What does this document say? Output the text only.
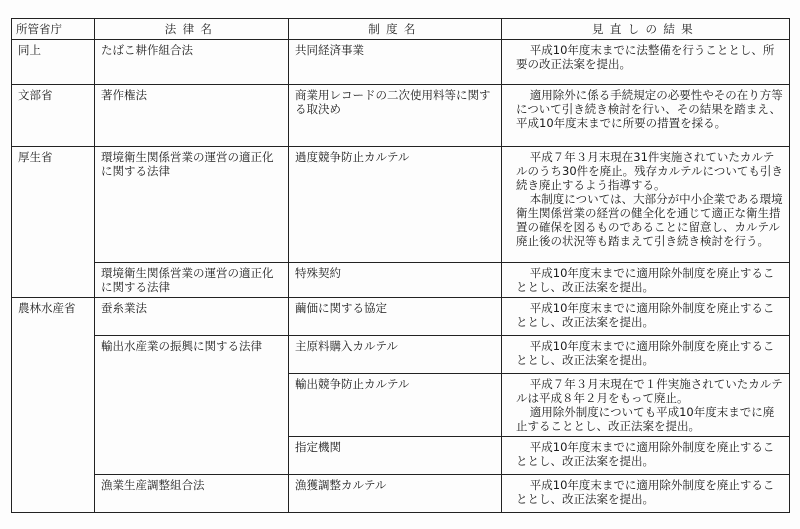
所管省庁	法律名	制度名	見直しの結果
同上	たばこ耕作組合法	共同経済事業	平成10年度末までに法整備を行うこととし、所要の改正法案を提出。
文部省	著作権法	商業用レコードの二次使用料等に関する取決め	適用除外に係る手続規定の必要性やその在り方等について引き続き検討を行い、その結果を踏まえ、平成10年度末までに所要の措置を採る。
厚生省	環境衛生関係営業の運営の適正化に関する法律	過度競争防止カルテル	平成７年３月末現在31件実施されていたカルテルのうち30件を廃止。残存カルテルについても引き続き廃止するよう指導する。
本制度については、大部分が中小企業である環境衛生関係営業の経営の健全化を通じて適正な衛生措置の確保を図るものであることに留意し、カルテル廃止後の状況等も踏まえて引き続き検討を行う。

	環境衛生関係営業の運営の適正化に関する法律	特殊契約	平成10年度末までに適用除外制度を廃止することとし、改正法案を提出。
農林水産省	蚕糸業法	繭価に関する協定	平成10年度末までに適用除外制度を廃止することとし、改正法案を提出。
	輸出水産業の振興に関する法律	主原料購入カルテル	平成10年度末までに適用除外制度を廃止することとし、改正法案を提出。
		輸出競争防止カルテル	平成７年３月末現在で１件実施されていたカルテルは平成８年２月をもって廃止。
適用除外制度についても平成10年度末までに廃止することとし、改正法案を提出。

		指定機関	平成10年度末までに適用除外制度を廃止することとし、改正法案を提出。
	漁業生産調整組合法	漁獲調整カルテル	平成10年度末までに適用除外制度を廃止することとし、改正法案を提出。
